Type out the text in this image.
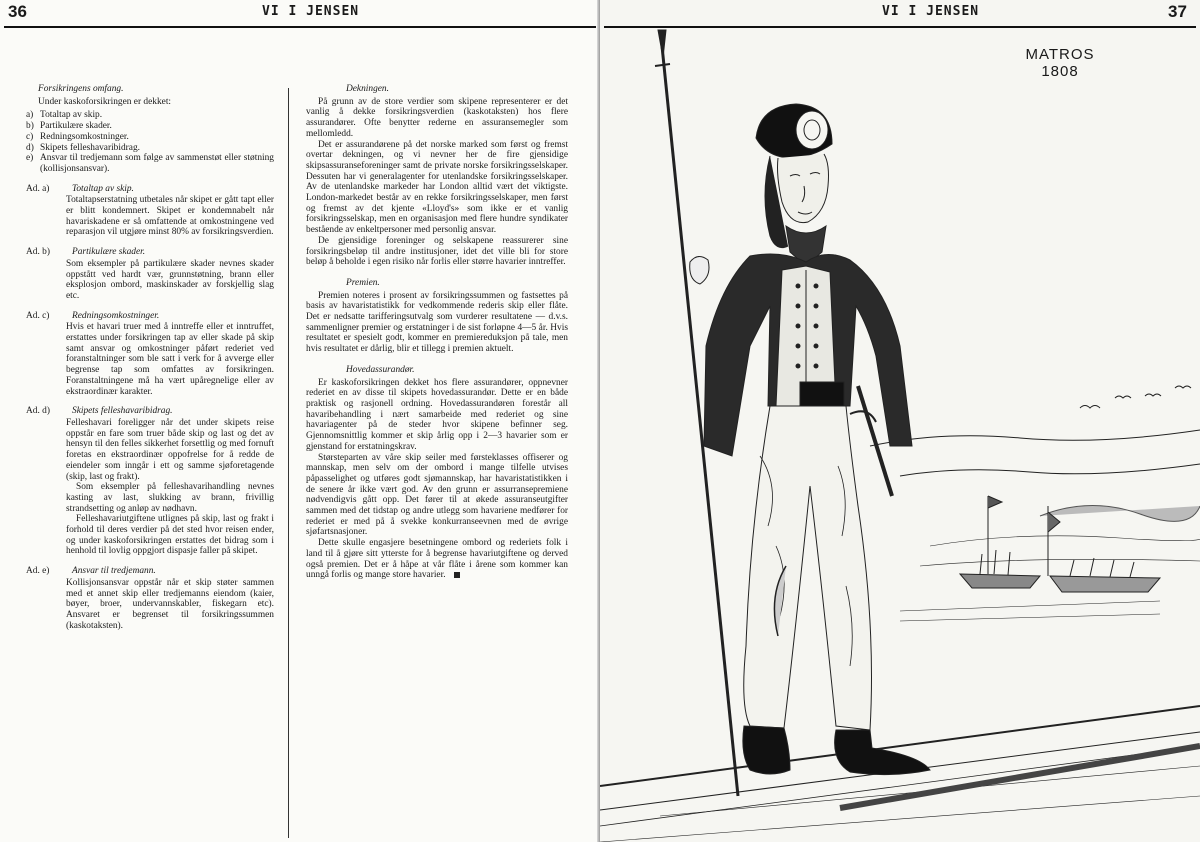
36	VI I JENSEN

Forsikringens omfang.

Under kaskoforsikringen er dekket:

a) Totaltap av skip.
b) Partikulære skader.
c) Redningsomkostninger.
d) Skipets felleshavaribidrag.
e) Ansvar til tredjemann som følge av sammenstøt eller støtning (kollisjonsansvar).
Ad. a)	Totaltap av skip.

Totaltapserstatning utbetales når skipet er gått tapt eller er blitt kondemnert. Skipet er kondemnabelt når havariskadene er så omfattende at omkostningene ved reparasjon vil utgjøre minst 80% av forsikringsverdien.

Ad. b)	Partikulære skader.

Som eksempler på partikulære skader nevnes skader oppstått ved hardt vær, grunnstøtning, brann eller eksplosjon ombord, maskinskader av forskjellig slag etc.

Ad. c)	Redningsomkostninger.

Hvis et havari truer med å inntreffe eller et inntruffet, erstattes under forsikringen tap av eller skade på skip samt ansvar og omkostninger påført rederiet ved foranstaltninger som ble satt i verk for å avverge eller begrense tap som omfattes av forsikringen. Foranstaltningene må ha vært upåregnelige eller av ekstraordinær karakter.

Ad. d)	Skipets felleshavaribidrag.

Felleshavari foreligger når det under skipets reise oppstår en fare som truer både skip og last og det av hensyn til den felles sikkerhet forsettlig og med fornuft foretas en ekstraordinær oppofrelse for å redde de eiendeler som inngår i ett og samme sjøforetagende (skip, last og frakt).

Som eksempler på felleshavarihandling nevnes kasting av last, slukking av brann, frivillig strandsetting og anløp av nødhavn.

Felleshavariutgiftene utlignes på skip, last og frakt i forhold til deres verdier på det sted hvor reisen ender, og under kaskoforsikringen erstattes det bidrag som i henhold til lovlig oppgjort dispasje faller på skipet.

Ad. e)	Ansvar til tredjemann.

Kollisjonsansvar oppstår når et skip støter sammen med et annet skip eller tredjemanns eiendom (kaier, bøyer, broer, undervannskabler, fiskegarn etc). Ansvaret er begrenset til forsikringssummen (kaskotaksten).

Dekningen.

På grunn av de store verdier som skipene representerer er det vanlig å dekke forsikringsverdien (kaskotaksten) hos flere assurandører. Ofte benytter rederne en assuransemegler som mellomledd.

Det er assurandørene på det norske marked som først og fremst overtar dekningen, og vi nevner her de fire gjensidige skipsassuranseforeninger samt de private norske forsikringsselskaper. Dessuten har vi generalagenter for utenlandske forsikringsselskaper. Av de utenlandske markeder har London alltid vært det viktigste. London-markedet består av en rekke forsikringsselskaper, men først og fremst av det kjente «Lloyd's» som ikke er et vanlig forsikringsselskap, men en organisasjon med flere hundre syndikater bestående av enkeltpersoner med personlig ansvar.

De gjensidige foreninger og selskapene reassurerer sine forsikringsbeløp til andre institusjoner, idet det ville bli for store beløp å beholde i egen risiko når forlis eller større havarier inntreffer.

Premien.

Premien noteres i prosent av forsikringssummen og fastsettes på basis av havaristatistikk for vedkommende rederis skip eller flåte. Det er nedsatte tarifferingsutvalg som vurderer resultatene — d.v.s. sammenligner premier og erstatninger i de sist forløpne 4—5 år. Hvis resultatet er spesielt godt, kommer en premiereduksjon på tale, men hvis resultatet er dårlig, blir et tillegg i premien aktuelt.

Hovedassurandør.

Er kaskoforsikringen dekket hos flere assurandører, oppnevner rederiet en av disse til skipets hovedassurandør. Dette er en både praktisk og rasjonell ordning. Hovedassurandøren forestår all havaribehandling i nært samarbeide med rederiet og sine havariagenter på de steder hvor skipene befinner seg. Gjennomsnittlig kommer et skip årlig opp i 2—3 havarier som er gjenstand for erstatningskrav.

Størsteparten av våre skip seiler med førsteklasses offiserer og mannskap, men selv om der ombord i mange tilfelle utvises påpasselighet og utføres godt sjømannskap, har havaristatistikken i de senere år ikke vært god. Av den grunn er assurransepremiene nødvendigvis gått opp. Det fører til at økede assuranseutgifter sammen med det tidstap og andre utlegg som havariene medfører for rederiet er med på å svekke konkurranseevnen med de øvrige sjøfartsnasjoner.

Dette skulle engasjere besetningene ombord og rederiets folk i land til å gjøre sitt ytterste for å begrense havariutgiftene og derved også premien. Det er å håpe at vår flåte i årene som kommer kan unngå forlis og mange store havarier.

VI I JENSEN	37
MATROS
1808
